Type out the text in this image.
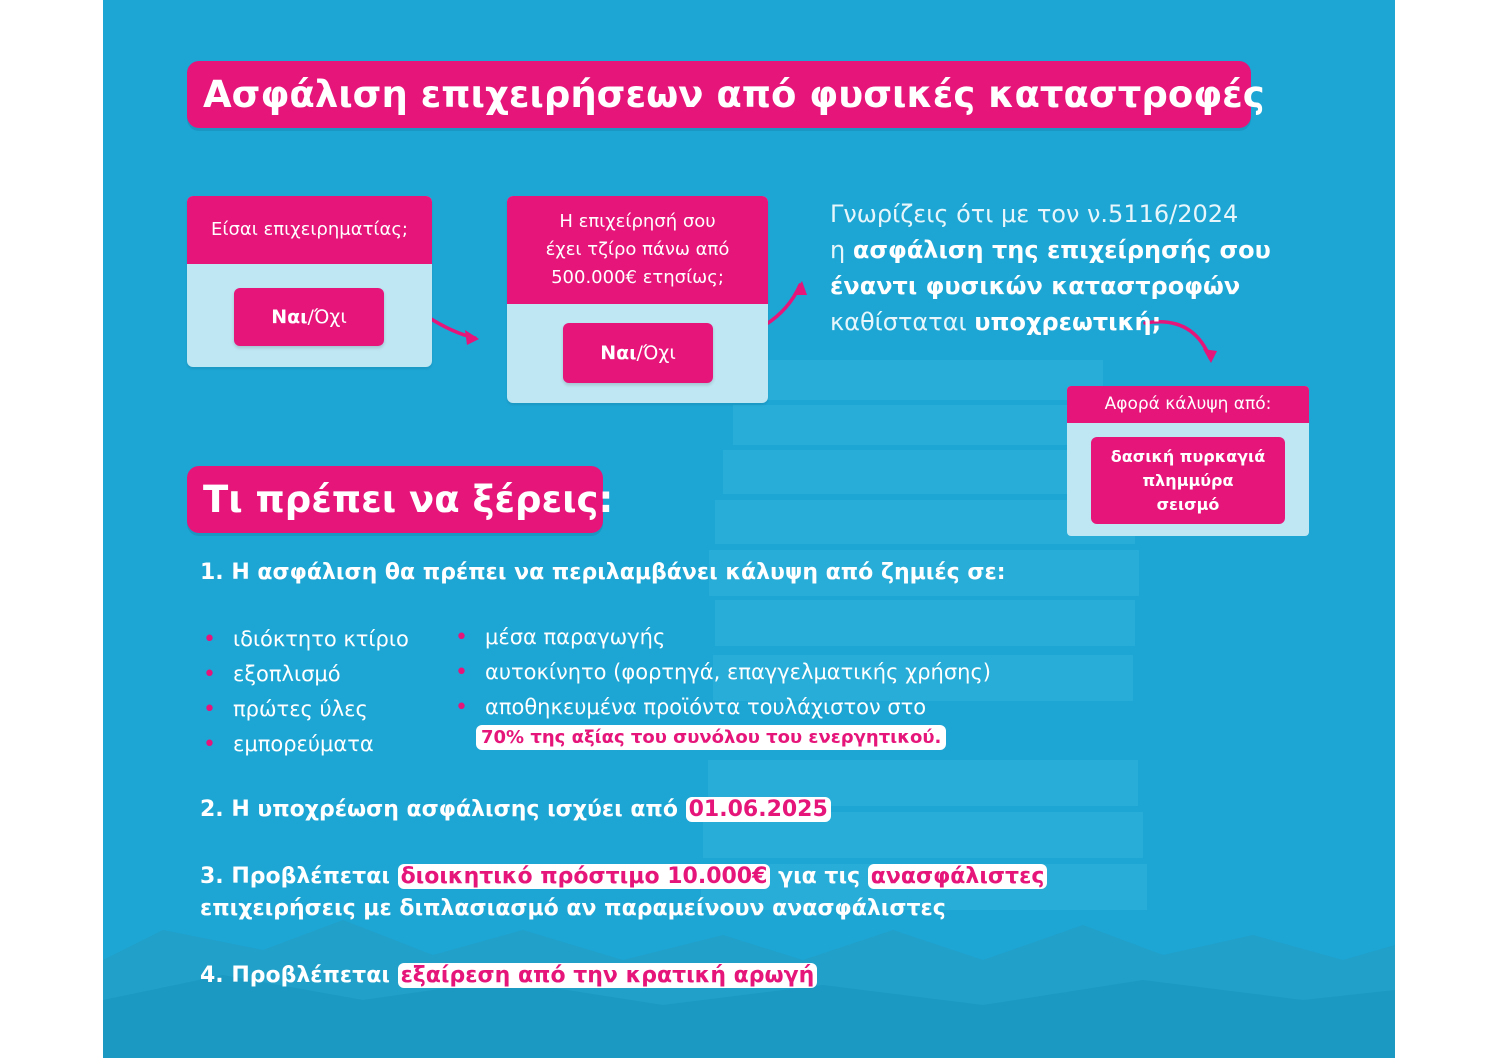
Ασφάλιση επιχειρήσεων από φυσικές καταστροφές
Είσαι επιχειρηματίας;
Ναι / Όχι
Η επιχείρησή σου έχει τζίρο πάνω από 500.000€ ετησίως;
Ναι / Όχι
Γνωρίζεις ότι με τον ν.5116/2024
η ασφάλιση της επιχείρησής σου
έναντι φυσικών καταστροφών
καθίσταται υποχρεωτική;
Αφορά κάλυψη από:
δασική πυρκαγιά
πλημμύρα
σεισμό
Τι πρέπει να ξέρεις:
1. Η ασφάλιση θα πρέπει να περιλαμβάνει κάλυψη από ζημιές σε:
• ιδιόκτητο κτίριο
• εξοπλισμό
• πρώτες ύλες
• εμπορεύματα
• μέσα παραγωγής
• αυτοκίνητο (φορτηγά, επαγγελματικής χρήσης)
• αποθηκευμένα προϊόντα τουλάχιστον στο
70% της αξίας του συνόλου του ενεργητικού.
2. Η υποχρέωση ασφάλισης ισχύει από 01.06.2025
3. Προβλέπεται διοικητικό πρόστιμο 10.000€ για τις ανασφάλιστες
επιχειρήσεις με διπλασιασμό αν παραμείνουν ανασφάλιστες
4. Προβλέπεται εξαίρεση από την κρατική αρωγή
